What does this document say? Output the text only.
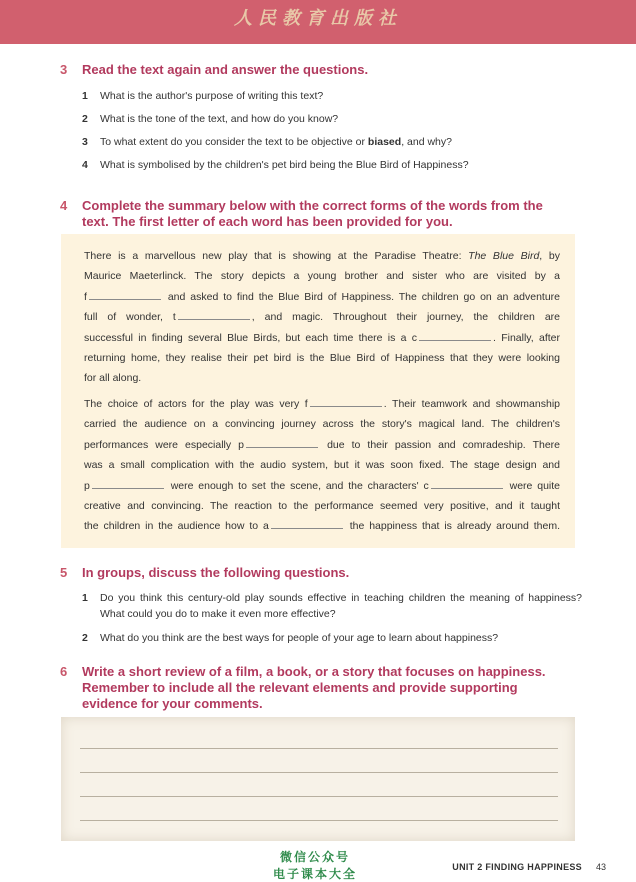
人民教育出版社
3 Read the text again and answer the questions.
1 What is the author's purpose of writing this text?
2 What is the tone of the text, and how do you know?
3 To what extent do you consider the text to be objective or biased, and why?
4 What is symbolised by the children's pet bird being the Blue Bird of Happiness?
4 Complete the summary below with the correct forms of the words from the
text. The first letter of each word has been provided for you.
There is a marvellous new play that is showing at the Paradise Theatre: The Blue Bird, by
Maurice Maeterlinck. The story depicts a young brother and sister who are visited by a
f	and asked to find the Blue Bird of Happiness. The children go on an adventure
full of wonder, t	, and magic. Throughout their journey, the children are
successful in finding several Blue Birds, but each time there is a c	. Finally, after
returning home, they realise their pet bird is the Blue Bird of Happiness that they were looking
for all along.
The choice of actors for the play was very f	. Their teamwork and showmanship
carried the audience on a convincing journey across the story's magical land. The children's
performances were especially p	due to their passion and comradeship. There
was a small complication with the audio system, but it was soon fixed. The stage design and
p	were enough to set the scene, and the characters' c	were quite
creative and convincing. The reaction to the performance seemed very positive, and it taught
the children in the audience how to a	the happiness that is already around them.
5 In groups, discuss the following questions.
1 Do you think this century-old play sounds effective in teaching children the meaning of happiness? What could you do to make it even more effective?
2 What do you think are the best ways for people of your age to learn about happiness?
6 Write a short review of a film, a book, or a story that focuses on happiness.
Remember to include all the relevant elements and provide supporting
evidence for your comments.
微信公众号
电子课本大全	UNIT 2 FINDING HAPPINESS 43
